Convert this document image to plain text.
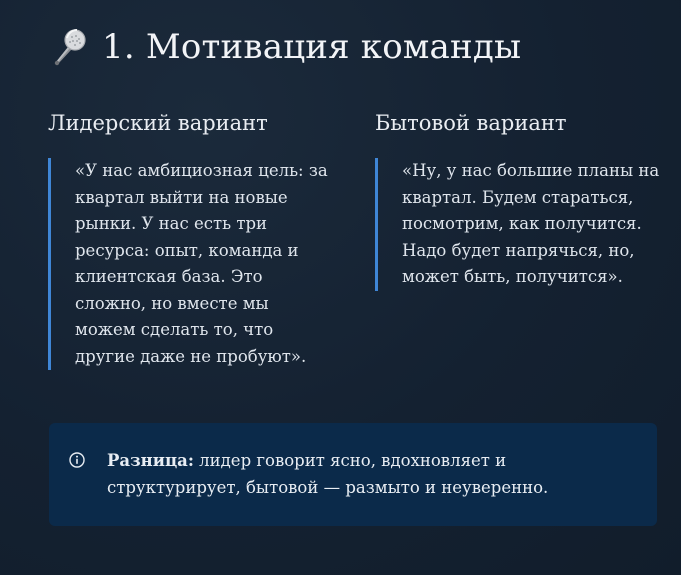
1. Мотивация команды
Лидерский вариант
«У нас амбициозная цель: за квартал выйти на новые рынки. У нас есть три ресурса: опыт, команда и клиентская база. Это сложно, но вместе мы можем сделать то, что другие даже не пробуют».
Бытовой вариант
«Ну, у нас большие планы на квартал. Будем стараться, посмотрим, как получится. Надо будет напрячься, но, может быть, получится».
Разница: лидер говорит ясно, вдохновляет и структурирует, бытовой — размыто и неуверенно.
